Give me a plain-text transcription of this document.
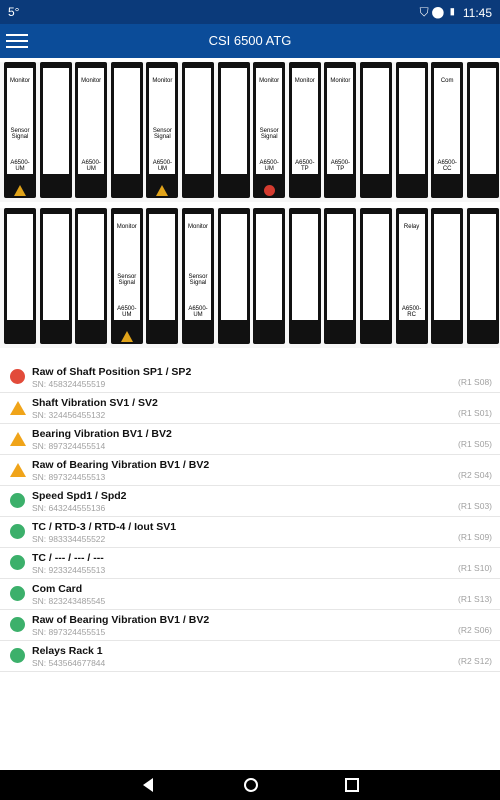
5°	⛉ ⬤ ▮ 11:45
CSI 6500 ATG
Monitor
Sensor Signal
A6500-UM
Monitor
A6500-UM
Monitor
Sensor Signal
A6500-UM
Monitor
Sensor Signal
A6500-UM
Monitor
A6500-TP
Monitor
A6500-TP
Com
A6500-CC
Monitor
Sensor Signal
A6500-UM
Monitor
Sensor Signal
A6500-UM
Relay
A6500-RC
Raw of Shaft Position SP1 / SP2
SN: 458324455519	(R1 S08)
Shaft Vibration SV1 / SV2
SN: 324456455132	(R1 S01)
Bearing Vibration BV1 / BV2
SN: 897324455514	(R1 S05)
Raw of Bearing Vibration BV1 / BV2
SN: 897324455513	(R2 S04)
Speed Spd1 / Spd2
SN: 643244555136	(R1 S03)
TC / RTD-3 / RTD-4 / Iout SV1
SN: 983334455522	(R1 S09)
TC / --- / --- / ---
SN: 923324455513	(R1 S10)
Com Card
SN: 823243485545	(R1 S13)
Raw of Bearing Vibration BV1 / BV2
SN: 897324455515	(R2 S06)
Relays Rack 1
SN: 543564677844	(R2 S12)
